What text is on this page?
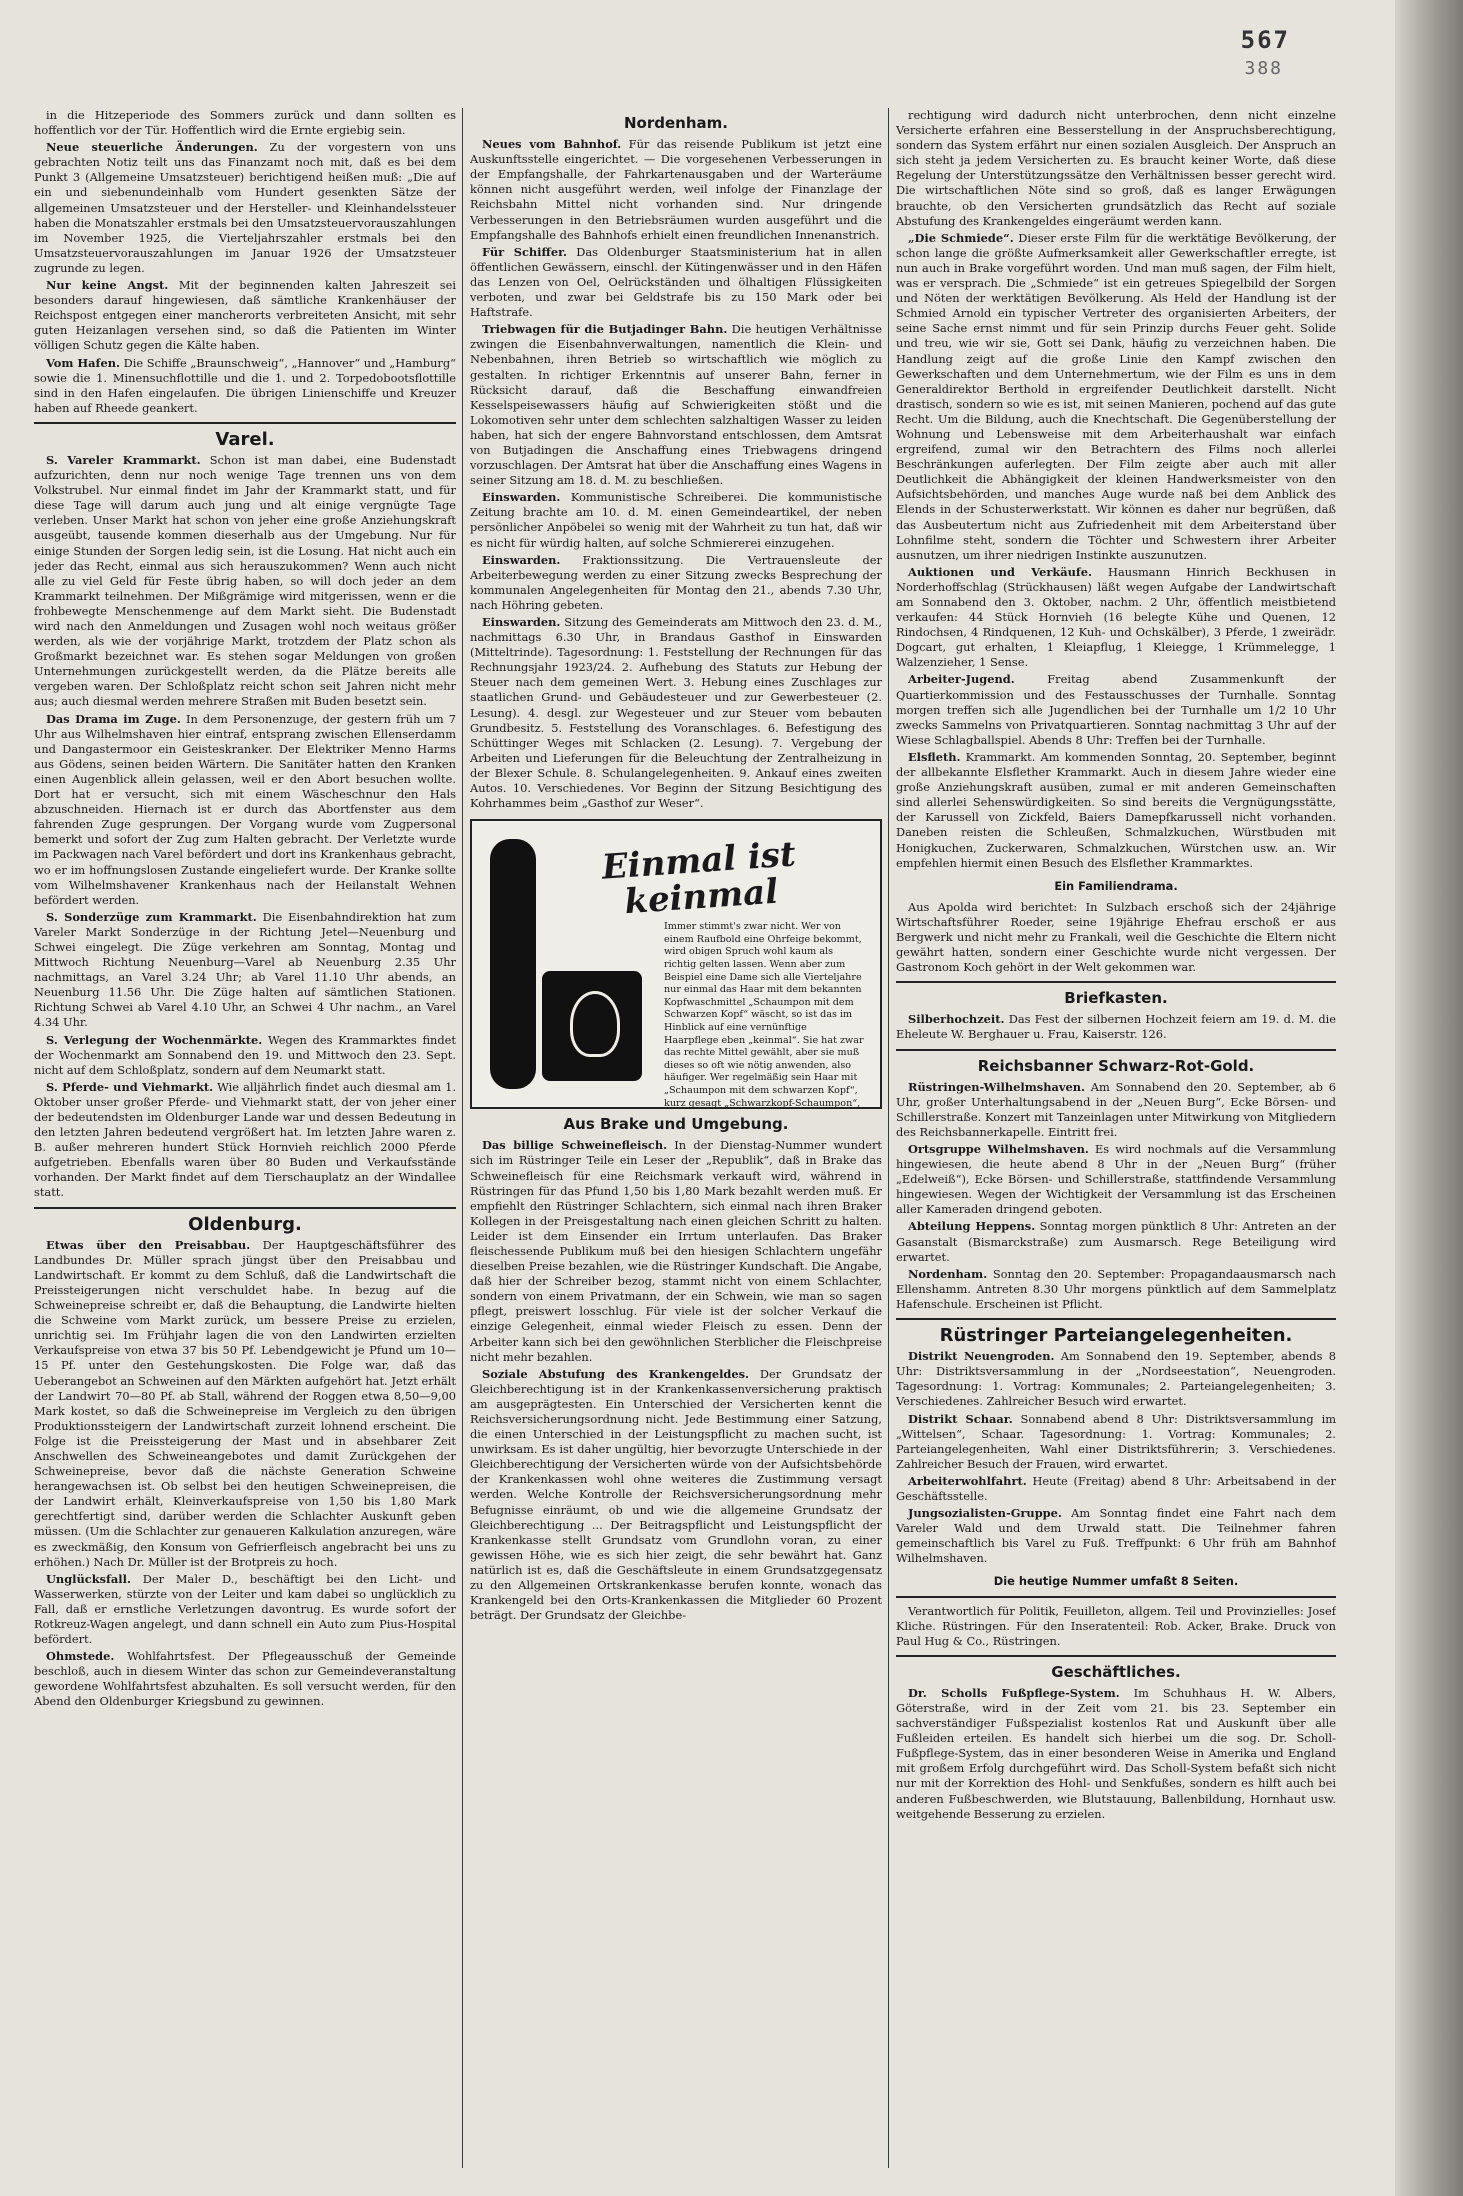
567
388

in die Hitzeperiode des Sommers zurück und dann sollten es hoffentlich vor der Tür. Hoffentlich wird die Ernte ergiebig sein.

Neue steuerliche Änderungen. Zu der vorgestern von uns gebrachten Notiz teilt uns das Finanzamt noch mit, daß es bei dem Punkt 3 (Allgemeine Umsatzsteuer) berichtigend heißen muß: „Die auf ein und siebenundeinhalb vom Hundert gesenkten Sätze der allgemeinen Umsatzsteuer und der Hersteller- und Kleinhandelssteuer haben die Monatszahler erstmals bei den Umsatzsteuervorauszahlungen im November 1925, die Vierteljahrszahler erstmals bei den Umsatzsteuervorauszahlungen im Januar 1926 der Umsatzsteuer zugrunde zu legen.

Nur keine Angst. Mit der beginnenden kalten Jahreszeit sei besonders darauf hingewiesen, daß sämtliche Krankenhäuser der Reichspost entgegen einer mancherorts verbreiteten Ansicht, mit sehr guten Heizanlagen versehen sind, so daß die Patienten im Winter völligen Schutz gegen die Kälte haben.

Vom Hafen. Die Schiffe „Braunschweig“, „Hannover“ und „Hamburg“ sowie die 1. Minensuchflottille und die 1. und 2. Torpedobootsflottille sind in den Hafen eingelaufen. Die übrigen Linienschiffe und Kreuzer haben auf Rheede geankert.

Varel.

S. Vareler Krammarkt. Schon ist man dabei, eine Budenstadt aufzurichten, denn nur noch wenige Tage trennen uns von dem Volkstrubel. Nur einmal findet im Jahr der Krammarkt statt, und für diese Tage will darum auch jung und alt einige vergnügte Tage verleben. Unser Markt hat schon von jeher eine große Anziehungskraft ausgeübt, tausende kommen dieserhalb aus der Umgebung. Nur für einige Stunden der Sorgen ledig sein, ist die Losung. Hat nicht auch ein jeder das Recht, einmal aus sich herauszukommen? Wenn auch nicht alle zu viel Geld für Feste übrig haben, so will doch jeder an dem Krammarkt teilnehmen. Der Mißgrämige wird mitgerissen, wenn er die frohbewegte Menschenmenge auf dem Markt sieht. Die Budenstadt wird nach den Anmeldungen und Zusagen wohl noch weitaus größer werden, als wie der vorjährige Markt, trotzdem der Platz schon als Großmarkt bezeichnet war. Es stehen sogar Meldungen von großen Unternehmungen zurückgestellt werden, da die Plätze bereits alle vergeben waren. Der Schloßplatz reicht schon seit Jahren nicht mehr aus; auch diesmal werden mehrere Straßen mit Buden besetzt sein.

Das Drama im Zuge. In dem Personenzuge, der gestern früh um 7 Uhr aus Wilhelmshaven hier eintraf, entsprang zwischen Ellenserdamm und Dangastermoor ein Geisteskranker. Der Elektriker Menno Harms aus Gödens, seinen beiden Wärtern. Die Sanitäter hatten den Kranken einen Augenblick allein gelassen, weil er den Abort besuchen wollte. Dort hat er versucht, sich mit einem Wäscheschnur den Hals abzuschneiden. Hiernach ist er durch das Abortfenster aus dem fahrenden Zuge gesprungen. Der Vorgang wurde vom Zugpersonal bemerkt und sofort der Zug zum Halten gebracht. Der Verletzte wurde im Packwagen nach Varel befördert und dort ins Krankenhaus gebracht, wo er im hoffnungslosen Zustande eingeliefert wurde. Der Kranke sollte vom Wilhelmshavener Krankenhaus nach der Heilanstalt Wehnen befördert werden.

S. Sonderzüge zum Krammarkt. Die Eisenbahndirektion hat zum Vareler Markt Sonderzüge in der Richtung Jetel—Neuenburg und Schwei eingelegt. Die Züge verkehren am Sonntag, Montag und Mittwoch Richtung Neuenburg—Varel ab Neuenburg 2.35 Uhr nachmittags, an Varel 3.24 Uhr; ab Varel 11.10 Uhr abends, an Neuenburg 11.56 Uhr. Die Züge halten auf sämtlichen Stationen. Richtung Schwei ab Varel 4.10 Uhr, an Schwei 4 Uhr nachm., an Varel 4.34 Uhr.

S. Verlegung der Wochenmärkte. Wegen des Krammarktes findet der Wochenmarkt am Sonnabend den 19. und Mittwoch den 23. Sept. nicht auf dem Schloßplatz, sondern auf dem Neumarkt statt.

S. Pferde- und Viehmarkt. Wie alljährlich findet auch diesmal am 1. Oktober unser großer Pferde- und Viehmarkt statt, der von jeher einer der bedeutendsten im Oldenburger Lande war und dessen Bedeutung in den letzten Jahren bedeutend vergrößert hat. Im letzten Jahre waren z. B. außer mehreren hundert Stück Hornvieh reichlich 2000 Pferde aufgetrieben. Ebenfalls waren über 80 Buden und Verkaufsstände vorhanden. Der Markt findet auf dem Tierschauplatz an der Windallee statt.

Oldenburg.

Etwas über den Preisabbau. Der Hauptgeschäftsführer des Landbundes Dr. Müller sprach jüngst über den Preisabbau und Landwirtschaft. Er kommt zu dem Schluß, daß die Landwirtschaft die Preissteigerungen nicht verschuldet habe. In bezug auf die Schweinepreise schreibt er, daß die Behauptung, die Landwirte hielten die Schweine vom Markt zurück, um bessere Preise zu erzielen, unrichtig sei. Im Frühjahr lagen die von den Landwirten erzielten Verkaufspreise von etwa 37 bis 50 Pf. Lebendgewicht je Pfund um 10—15 Pf. unter den Gestehungskosten. Die Folge war, daß das Ueberangebot an Schweinen auf den Märkten aufgehört hat. Jetzt erhält der Landwirt 70—80 Pf. ab Stall, während der Roggen etwa 8,50—9,00 Mark kostet, so daß die Schweinepreise im Vergleich zu den übrigen Produktionssteigern der Landwirtschaft zurzeit lohnend erscheint. Die Folge ist die Preissteigerung der Mast und in absehbarer Zeit Anschwellen des Schweineangebotes und damit Zurückgehen der Schweinepreise, bevor daß die nächste Generation Schweine herangewachsen ist. Ob selbst bei den heutigen Schweinepreisen, die der Landwirt erhält, Kleinverkaufspreise von 1,50 bis 1,80 Mark gerechtfertigt sind, darüber werden die Schlachter Auskunft geben müssen. (Um die Schlachter zur genaueren Kalkulation anzuregen, wäre es zweckmäßig, den Konsum von Gefrierfleisch angebracht bei uns zu erhöhen.) Nach Dr. Müller ist der Brotpreis zu hoch.

Unglücksfall. Der Maler D., beschäftigt bei den Licht- und Wasserwerken, stürzte von der Leiter und kam dabei so unglücklich zu Fall, daß er ernstliche Verletzungen davontrug. Es wurde sofort der Rotkreuz-Wagen angelegt, und dann schnell ein Auto zum Pius-Hospital befördert.

Ohmstede. Wohlfahrtsfest. Der Pflegeausschuß der Gemeinde beschloß, auch in diesem Winter das schon zur Gemeindeveranstaltung gewordene Wohlfahrtsfest abzuhalten. Es soll versucht werden, für den Abend den Oldenburger Kriegsbund zu gewinnen.

Nordenham.

Neues vom Bahnhof. Für das reisende Publikum ist jetzt eine Auskunftsstelle eingerichtet. — Die vorgesehenen Verbesserungen in der Empfangshalle, der Fahrkartenausgaben und der Warteräume können nicht ausgeführt werden, weil infolge der Finanzlage der Reichsbahn Mittel nicht vorhanden sind. Nur dringende Verbesserungen in den Betriebsräumen wurden ausgeführt und die Empfangshalle des Bahnhofs erhielt einen freundlichen Innenanstrich.

Für Schiffer. Das Oldenburger Staatsministerium hat in allen öffentlichen Gewässern, einschl. der Kütingenwässer und in den Häfen das Lenzen von Oel, Oelrückständen und ölhaltigen Flüssigkeiten verboten, und zwar bei Geldstrafe bis zu 150 Mark oder bei Haftstrafe.

Triebwagen für die Butjadinger Bahn. Die heutigen Verhältnisse zwingen die Eisenbahnverwaltungen, namentlich die Klein- und Nebenbahnen, ihren Betrieb so wirtschaftlich wie möglich zu gestalten. In richtiger Erkenntnis auf unserer Bahn, ferner in Rücksicht darauf, daß die Beschaffung einwandfreien Kesselspeisewassers häufig auf Schwierigkeiten stößt und die Lokomotiven sehr unter dem schlechten salzhaltigen Wasser zu leiden haben, hat sich der engere Bahnvorstand entschlossen, dem Amtsrat von Butjadingen die Anschaffung eines Triebwagens dringend vorzuschlagen. Der Amtsrat hat über die Anschaffung eines Wagens in seiner Sitzung am 18. d. M. zu beschließen.

Einswarden. Kommunistische Schreiberei. Die kommunistische Zeitung brachte am 10. d. M. einen Gemeindeartikel, der neben persönlicher Anpöbelei so wenig mit der Wahrheit zu tun hat, daß wir es nicht für würdig halten, auf solche Schmiererei einzugehen.

Einswarden. Fraktionssitzung. Die Vertrauensleute der Arbeiterbewegung werden zu einer Sitzung zwecks Besprechung der kommunalen Angelegenheiten für Montag den 21., abends 7.30 Uhr, nach Höhring gebeten.

Einswarden. Sitzung des Gemeinderats am Mittwoch den 23. d. M., nachmittags 6.30 Uhr, in Brandaus Gasthof in Einswarden (Mitteltrinde). Tagesordnung: 1. Feststellung der Rechnungen für das Rechnungsjahr 1923/24. 2. Aufhebung des Statuts zur Hebung der Steuer nach dem gemeinen Wert. 3. Hebung eines Zuschlages zur staatlichen Grund- und Gebäudesteuer und zur Gewerbesteuer (2. Lesung). 4. desgl. zur Wegesteuer und zur Steuer vom bebauten Grundbesitz. 5. Feststellung des Voranschlages. 6. Befestigung des Schüttinger Weges mit Schlacken (2. Lesung). 7. Vergebung der Arbeiten und Lieferungen für die Beleuchtung der Zentralheizung in der Blexer Schule. 8. Schulangelegenheiten. 9. Ankauf eines zweiten Autos. 10. Verschiedenes. Vor Beginn der Sitzung Besichtigung des Kohrhammes beim „Gasthof zur Weser“.

Einmal ist keinmal
Immer stimmt's zwar nicht. Wer von einem Raufbold eine Ohrfeige bekommt, wird obigen Spruch wohl kaum als richtig gelten lassen. Wenn aber zum Beispiel eine Dame sich alle Vierteljahre nur einmal das Haar mit dem bekannten Kopfwaschmittel „Schaumpon mit dem Schwarzen Kopf“ wäscht, so ist das im Hinblick auf eine vernünftige Haarpflege eben „keinmal“. Sie hat zwar das rechte Mittel gewählt, aber sie muß dieses so oft wie nötig anwenden, also häufiger. Wer regelmäßig sein Haar mit „Schaumpon mit dem schwarzen Kopf“, kurz gesagt „Schwarzkopf-Schaumpon“,
Aus Brake und Umgebung.

Das billige Schweinefleisch. In der Dienstag-Nummer wundert sich im Rüstringer Teile ein Leser der „Republik“, daß in Brake das Schweinefleisch für eine Reichsmark verkauft wird, während in Rüstringen für das Pfund 1,50 bis 1,80 Mark bezahlt werden muß. Er empfiehlt den Rüstringer Schlachtern, sich einmal nach ihren Braker Kollegen in der Preisgestaltung nach einen gleichen Schritt zu halten. Leider ist dem Einsender ein Irrtum unterlaufen. Das Braker fleischessende Publikum muß bei den hiesigen Schlachtern ungefähr dieselben Preise bezahlen, wie die Rüstringer Kundschaft. Die Angabe, daß hier der Schreiber bezog, stammt nicht von einem Schlachter, sondern von einem Privatmann, der ein Schwein, wie man so sagen pflegt, preiswert losschlug. Für viele ist der solcher Verkauf die einzige Gelegenheit, einmal wieder Fleisch zu essen. Denn der Arbeiter kann sich bei den gewöhnlichen Sterblicher die Fleischpreise nicht mehr bezahlen.

Soziale Abstufung des Krankengeldes. Der Grundsatz der Gleichberechtigung ist in der Krankenkassenversicherung praktisch am ausgeprägtesten. Ein Unterschied der Versicherten kennt die Reichsversicherungsordnung nicht. Jede Bestimmung einer Satzung, die einen Unterschied in der Leistungspflicht zu machen sucht, ist unwirksam. Es ist daher ungültig, hier bevorzugte Unterschiede in der Gleichberechtigung der Versicherten würde von der Aufsichtsbehörde der Krankenkassen wohl ohne weiteres die Zustimmung versagt werden. Welche Kontrolle der Reichsversicherungsordnung mehr Befugnisse einräumt, ob und wie die allgemeine Grundsatz der Gleichberechtigung ... Der Beitragspflicht und Leistungspflicht der Krankenkasse stellt Grundsatz vom Grundlohn voran, zu einer gewissen Höhe, wie es sich hier zeigt, die sehr bewährt hat. Ganz natürlich ist es, daß die Geschäftsleute in einem Grundsatzgegensatz zu den Allgemeinen Ortskrankenkasse berufen konnte, wonach das Krankengeld bei den Orts-Krankenkassen die Mitglieder 60 Prozent beträgt. Der Grundsatz der Gleichbe-

rechtigung wird dadurch nicht unterbrochen, denn nicht einzelne Versicherte erfahren eine Besserstellung in der Anspruchsberechtigung, sondern das System erfährt nur einen sozialen Ausgleich. Der Anspruch an sich steht ja jedem Versicherten zu. Es braucht keiner Worte, daß diese Regelung der Unterstützungssätze den Verhältnissen besser gerecht wird. Die wirtschaftlichen Nöte sind so groß, daß es langer Erwägungen brauchte, ob den Versicherten grundsätzlich das Recht auf soziale Abstufung des Krankengeldes eingeräumt werden kann.

„Die Schmiede“. Dieser erste Film für die werktätige Bevölkerung, der schon lange die größte Aufmerksamkeit aller Gewerkschaftler erregte, ist nun auch in Brake vorgeführt worden. Und man muß sagen, der Film hielt, was er versprach. Die „Schmiede“ ist ein getreues Spiegelbild der Sorgen und Nöten der werktätigen Bevölkerung. Als Held der Handlung ist der Schmied Arnold ein typischer Vertreter des organisierten Arbeiters, der seine Sache ernst nimmt und für sein Prinzip durchs Feuer geht. Solide und treu, wie wir sie, Gott sei Dank, häufig zu verzeichnen haben. Die Handlung zeigt auf die große Linie den Kampf zwischen den Gewerkschaften und dem Unternehmertum, wie der Film es uns in dem Generaldirektor Berthold in ergreifender Deutlichkeit darstellt. Nicht drastisch, sondern so wie es ist, mit seinen Manieren, pochend auf das gute Recht. Um die Bildung, auch die Knechtschaft. Die Gegenüberstellung der Wohnung und Lebensweise mit dem Arbeiterhaushalt war einfach ergreifend, zumal wir den Betrachtern des Films noch allerlei Beschränkungen auferlegten. Der Film zeigte aber auch mit aller Deutlichkeit die Abhängigkeit der kleinen Handwerksmeister von den Aufsichtsbehörden, und manches Auge wurde naß bei dem Anblick des Elends in der Schusterwerkstatt. Wir können es daher nur begrüßen, daß das Ausbeutertum nicht aus Zufriedenheit mit dem Arbeiterstand über Lohnfilme steht, sondern die Töchter und Schwestern ihrer Arbeiter ausnutzen, um ihrer niedrigen Instinkte auszunutzen.

Auktionen und Verkäufe. Hausmann Hinrich Beckhusen in Norderhoffschlag (Strückhausen) läßt wegen Aufgabe der Landwirtschaft am Sonnabend den 3. Oktober, nachm. 2 Uhr, öffentlich meistbietend verkaufen: 44 Stück Hornvieh (16 belegte Kühe und Quenen, 12 Rindochsen, 4 Rindquenen, 12 Kuh- und Ochskälber), 3 Pferde, 1 zweirädr. Dogcart, gut erhalten, 1 Kleiapflug, 1 Kleiegge, 1 Krümmelegge, 1 Walzenzieher, 1 Sense.

Arbeiter-Jugend.	Freitag abend Zusammenkunft der Quartierkommission und des Festausschusses der Turnhalle. Sonntag morgen treffen sich alle Jugendlichen bei der Turnhalle um 1/2 10 Uhr zwecks Sammelns von Privatquartieren. Sonntag nachmittag 3 Uhr auf der Wiese Schlagballspiel. Abends 8 Uhr: Treffen bei der Turnhalle.

Elsfleth. Krammarkt. Am kommenden Sonntag, 20. September, beginnt der allbekannte Elsflether Krammarkt. Auch in diesem Jahre wieder eine große Anziehungskraft ausüben, zumal er mit anderen Gemeinschaften sind allerlei Sehenswürdigkeiten. So sind bereits die Vergnügungsstätte, der Karussell von Zickfeld, Baiers Damepfkarussell nicht vorhanden. Daneben reisten die Schleußen, Schmalzkuchen, Würstbuden mit Honigkuchen, Zuckerwaren, Schmalzkuchen, Würstchen usw. an. Wir empfehlen hiermit einen Besuch des Elsflether Krammarktes.

Ein Familiendrama.

Aus Apolda wird berichtet: In Sulzbach erschoß sich der 24jährige Wirtschaftsführer Roeder, seine 19jährige Ehefrau erschoß er aus Bergwerk und nicht mehr zu Frankali, weil die Geschichte die Eltern nicht gewährt hatten, sondern einer Geschichte wurde nicht vergessen. Der Gastronom Koch gehört in der Welt gekommen war.

Briefkasten.

Silberhochzeit. Das Fest der silbernen Hochzeit feiern am 19. d. M. die Eheleute W. Berghauer u. Frau, Kaiserstr. 126.

Reichsbanner Schwarz-Rot-Gold.

Rüstringen-Wilhelmshaven. Am Sonnabend den 20. September, ab 6 Uhr, großer Unterhaltungsabend in der „Neuen Burg“, Ecke Börsen- und Schillerstraße. Konzert mit Tanzeinlagen unter Mitwirkung von Mitgliedern des Reichsbannerkapelle. Eintritt frei.

Ortsgruppe Wilhelmshaven. Es wird nochmals auf die Versammlung hingewiesen, die heute abend 8 Uhr in der „Neuen Burg“ (früher „Edelweiß“), Ecke Börsen- und Schillerstraße, stattfindende Versammlung hingewiesen. Wegen der Wichtigkeit der Versammlung ist das Erscheinen aller Kameraden dringend geboten.

Abteilung Heppens. Sonntag morgen pünktlich 8 Uhr: Antreten an der Gasanstalt (Bismarckstraße) zum Ausmarsch. Rege Beteiligung wird erwartet.

Nordenham. Sonntag den 20. September: Propagandaausmarsch nach Ellenshamm. Antreten 8.30 Uhr morgens pünktlich auf dem Sammelplatz Hafenschule. Erscheinen ist Pflicht.

Rüstringer Parteiangelegenheiten.

Distrikt Neuengroden. Am Sonnabend den 19. September, abends 8 Uhr: Distriktsversammlung in der „Nordseestation“, Neuengroden. Tagesordnung: 1. Vortrag: Kommunales; 2. Parteiangelegenheiten; 3. Verschiedenes. Zahlreicher Besuch wird erwartet.

Distrikt Schaar. Sonnabend abend 8 Uhr: Distriktsversammlung im „Wittelsen“, Schaar. Tagesordnung: 1. Vortrag: Kommunales; 2. Parteiangelegenheiten, Wahl einer Distriktsführerin; 3. Verschiedenes. Zahlreicher Besuch der Frauen, wird erwartet.

Arbeiterwohlfahrt. Heute (Freitag) abend 8 Uhr: Arbeitsabend in der Geschäftsstelle.

Jungsozialisten-Gruppe. Am Sonntag findet eine Fahrt nach dem Vareler Wald und dem Urwald statt. Die Teilnehmer fahren gemeinschaftlich bis Varel zu Fuß. Treffpunkt: 6 Uhr früh am Bahnhof Wilhelmshaven.

Die heutige Nummer umfaßt 8 Seiten.

Verantwortlich für Politik, Feuilleton, allgem. Teil und Provinzielles: Josef Kliche. Rüstringen. Für den Inseratenteil: Rob. Acker, Brake. Druck von Paul Hug & Co., Rüstringen.

Geschäftliches.

Dr. Scholls Fußpflege-System. Im Schuhhaus H. W. Albers, Göterstraße, wird in der Zeit vom 21. bis 23. September ein sachverständiger Fußspezialist kostenlos Rat und Auskunft über alle Fußleiden erteilen. Es handelt sich hierbei um die sog. Dr. Scholl-Fußpflege-System, das in einer besonderen Weise in Amerika und England mit großem Erfolg durchgeführt wird. Das Scholl-System befaßt sich nicht nur mit der Korrektion des Hohl- und Senkfußes, sondern es hilft auch bei anderen Fußbeschwerden, wie Blutstauung, Ballenbildung, Hornhaut usw. weitgehende Besserung zu erzielen.
